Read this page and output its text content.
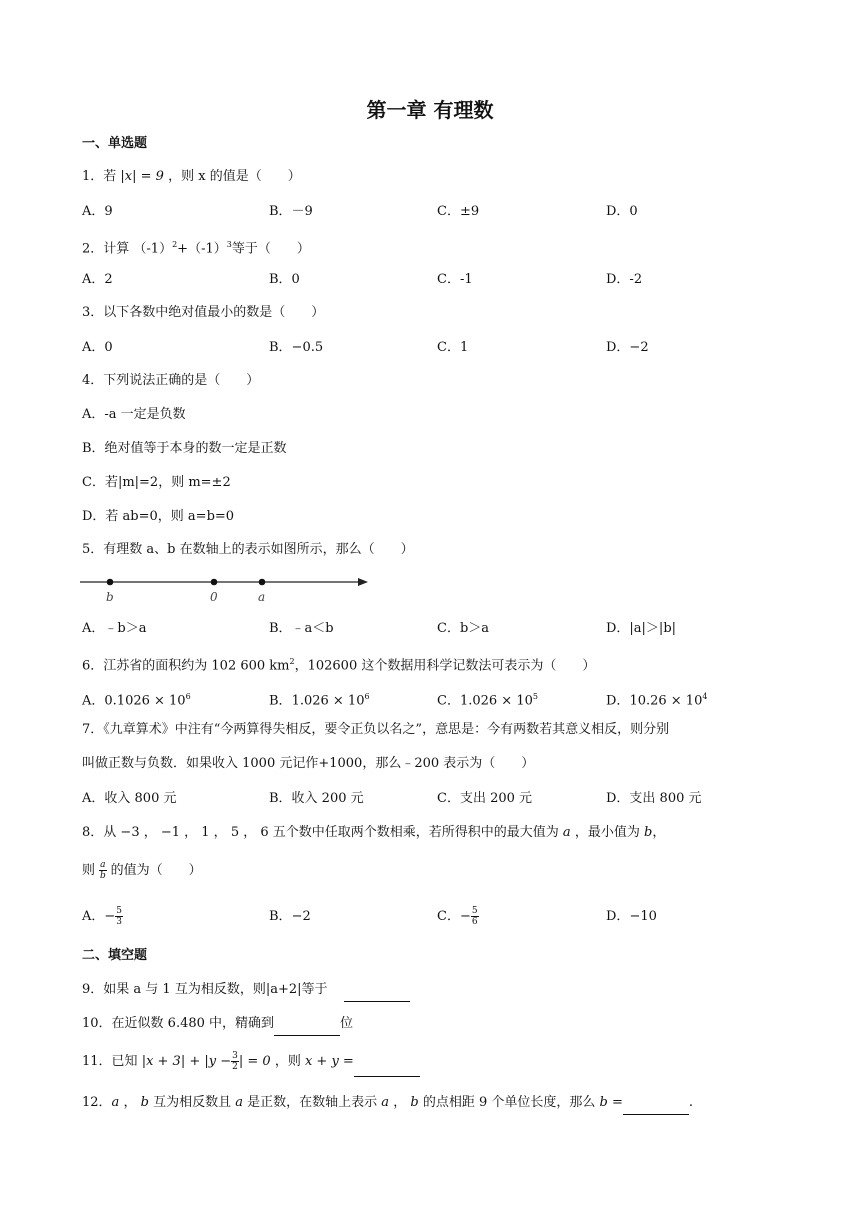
第一章 有理数
一、单选题
1．若 |x| = 9 ，则 x 的值是（　　）
A．9	B．－9	C．±9	D．0
2．计算 $(-1)^2+(-1)^3$等于（　　）
A．2	B．0	C．-1	D．-2
3．以下各数中绝对值最小的数是（　　）
A．0	B．−0.5	C．1	D．−2
4．下列说法正确的是（　　）
A．-a 一定是负数
B．绝对值等于本身的数一定是正数
C．若|m|=2，则 m=±2
D．若 ab=0，则 a=b=0
5．有理数 a、b 在数轴上的表示如图所示，那么（　　）
b	0	a
A．﹣b＞a	B．﹣a＜b	C．b＞a	D．|a|＞|b|
6．江苏省的面积约为 102 600 $km^2$，102600 这个数据用科学记数法可表示为（　　）
A．$0.1026 \times 10^6$	B．$1.026 \times 10^6$	C．$1.026 \times 10^5$	D．$10.26 \times 10^4$
7．《九章算术》中注有“今两算得失相反，要令正负以名之”，意思是：今有两数若其意义相反，则分别
叫做正数与负数．如果收入 1000 元记作+1000，那么﹣200 表示为（　　）
A．收入 800 元	B．收入 200 元	C．支出 200 元	D．支出 800 元
8．从 −3 ， −1 ， 1 ， 5 ， 6 五个数中任取两个数相乘，若所得积中的最大值为 a ，最小值为 b，
则 $\frac{a}{b}$ 的值为（　　）
A．− $\frac{5}{3}$	B．−2	C．− $\frac{5}{6}$	D．−10
二、填空题
9．如果 a 与 1 互为相反数，则|a+2|等于
10．在近似数 6.480 中，精确到	位
11．已知 $|x + 3| + |y - \frac{3}{2}$ | = 0 ，则 x + y =
12．a ， b 互为相反数且 a 是正数，在数轴上表示 a ， b 的点相距 9 个单位长度，那么 b =	.
